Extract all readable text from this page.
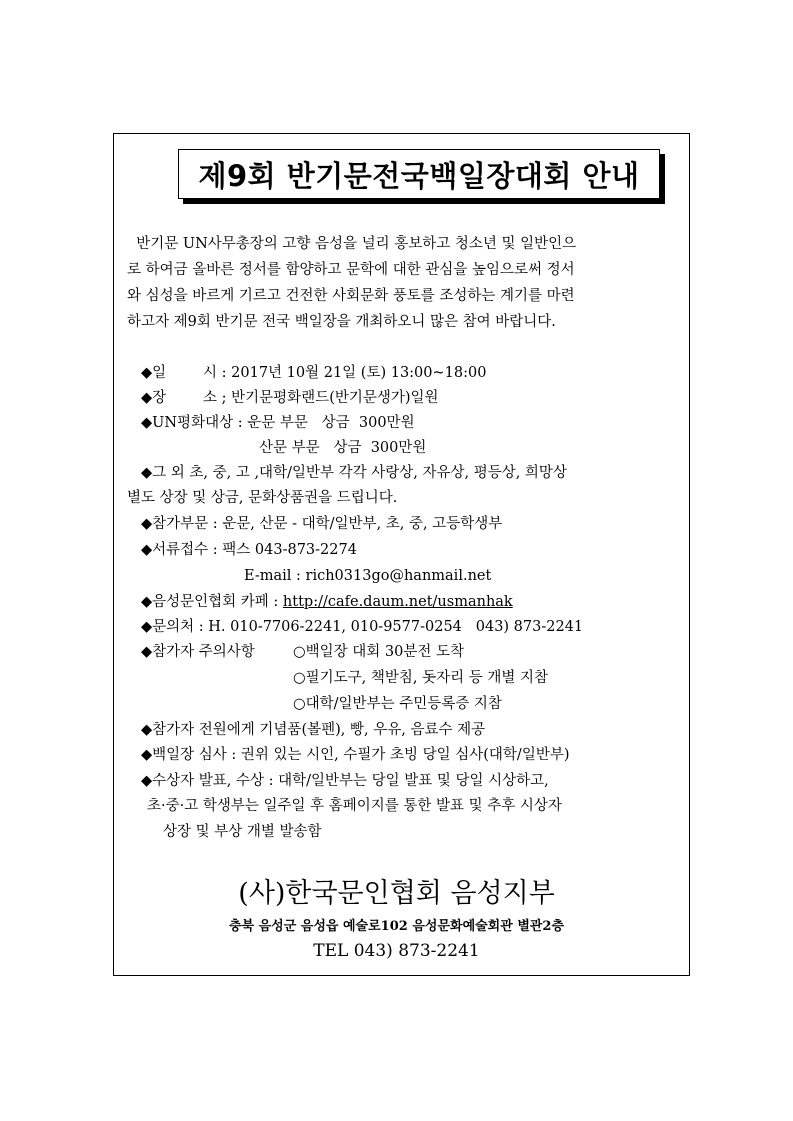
제9회 반기문전국백일장대회 안내
반기문 UN사무총장의 고향 음성을 널리 홍보하고 청소년 및 일반인으
로 하여금 올바른 정서를 함양하고 문학에 대한 관심을 높임으로써 정서
와 심성을 바르게 기르고 건전한 사회문화 풍토를 조성하는 계기를 마련
하고자 제9회 반기문 전국 백일장을 개최하오니 많은 참여 바랍니다.
◆일        시 : 2017년 10월 21일 (토) 13:00~18:00
◆장        소 ; 반기문평화랜드(반기문생가)일원
◆UN평화대상 : 운문 부문   상금  300만원
산문 부문   상금  300만원
◆그 외 초, 중, 고 ,대학/일반부 각각 사랑상, 자유상, 평등상, 희망상
별도 상장 및 상금, 문화상품권을 드립니다.
◆참가부문 : 운문, 산문 - 대학/일반부, 초, 중, 고등학생부
◆서류접수 : 팩스 043-873-2274
E-mail : rich0313go@hanmail.net
◆음성문인협회 카페 : http://cafe.daum.net/usmanhak
◆문의처 : H. 010-7706-2241, 010-9577-0254   043) 873-2241
◆참가자 주의사항	○백일장 대회 30분전 도착
○필기도구, 책받침, 돗자리 등 개별 지참
○대학/일반부는 주민등록증 지참
◆참가자 전원에게 기념품(볼펜), 빵, 우유, 음료수 제공
◆백일장 심사 : 권위 있는 시인, 수필가 초빙 당일 심사(대학/일반부)
◆수상자 발표, 수상 : 대학/일반부는 당일 발표 및 당일 시상하고,
초·중·고 학생부는 일주일 후 홈페이지를 통한 발표 및 추후 시상자
상장 및 부상 개별 발송함
(사)한국문인협회 음성지부
충북 음성군 음성읍 예술로102 음성문화예술회관 별관2층
TEL 043) 873-2241
